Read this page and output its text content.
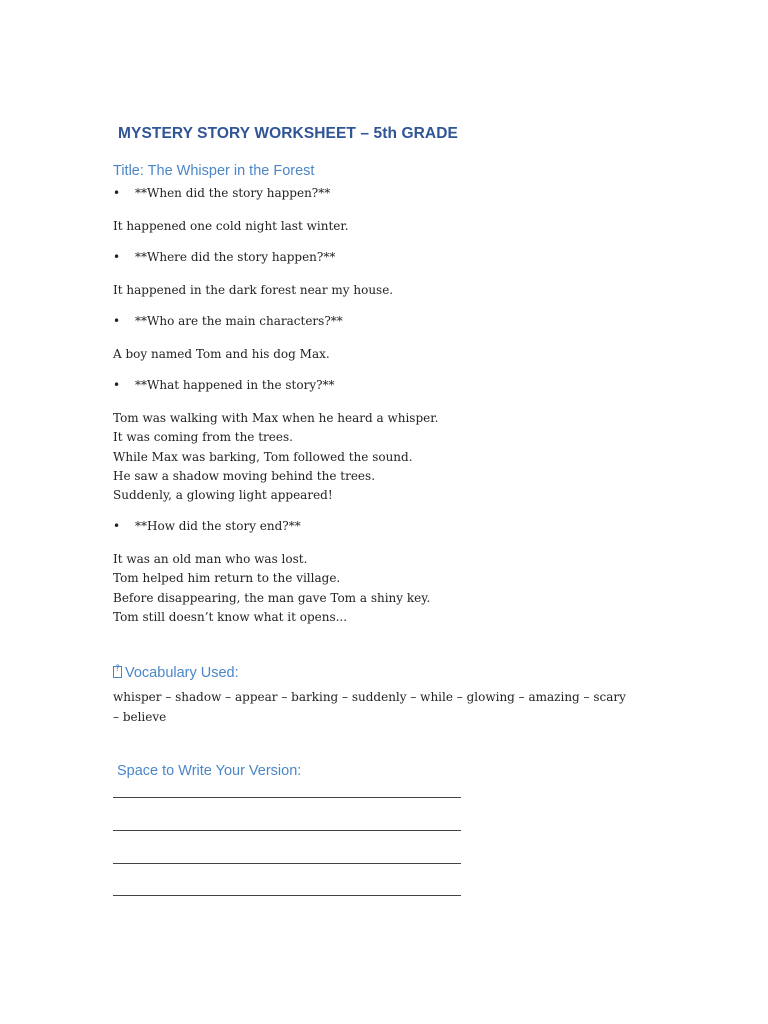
MYSTERY STORY WORKSHEET – 5th GRADE
Title: The Whisper in the Forest
• **When did the story happen?**
It happened one cold night last winter.
• **Where did the story happen?**
It happened in the dark forest near my house.
• **Who are the main characters?**
A boy named Tom and his dog Max.
• **What happened in the story?**
Tom was walking with Max when he heard a whisper.
It was coming from the trees.
While Max was barking, Tom followed the sound.
He saw a shadow moving behind the trees.
Suddenly, a glowing light appeared!
• **How did the story end?**
It was an old man who was lost.
Tom helped him return to the village.
Before disappearing, the man gave Tom a shiny key.
Tom still doesn’t know what it opens...
?Vocabulary Used:
whisper – shadow – appear – barking – suddenly – while – glowing – amazing – scary – believe
Space to Write Your Version:
